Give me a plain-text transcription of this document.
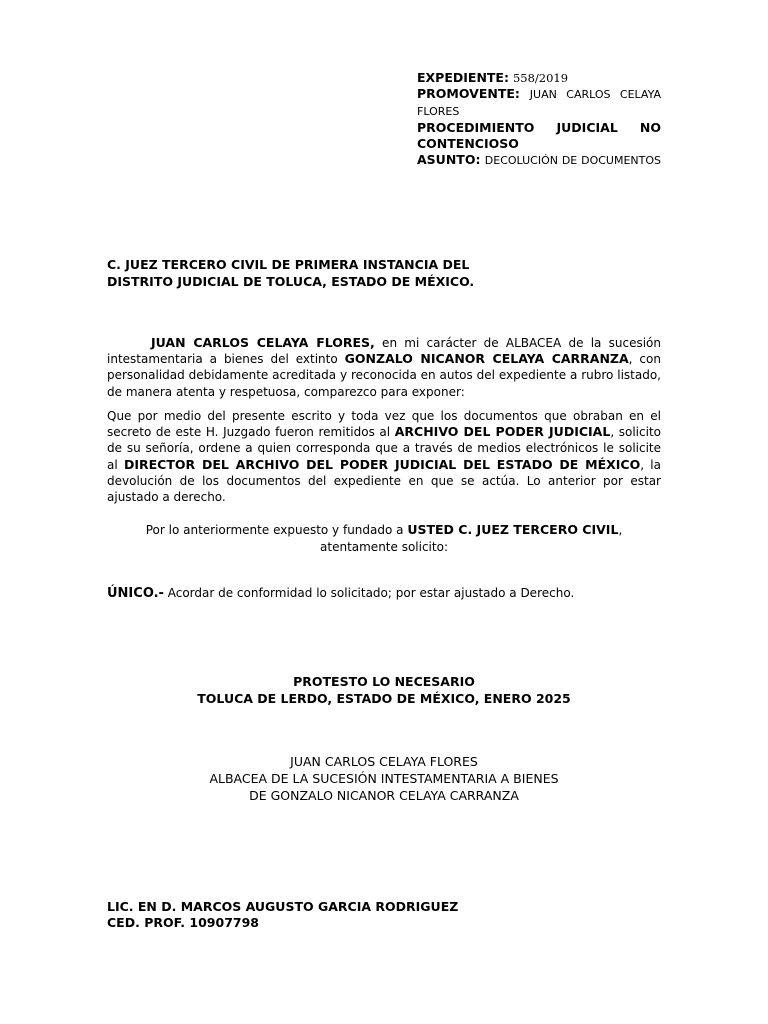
EXPEDIENTE: 558/2019
PROMOVENTE: JUAN CARLOS CELAYA FLORES
PROCEDIMIENTO JUDICIAL NO CONTENCIOSO
ASUNTO: DECOLUCIÓN DE DOCUMENTOS
C. JUEZ TERCERO CIVIL DE PRIMERA INSTANCIA DEL
DISTRITO JUDICIAL DE TOLUCA, ESTADO DE MÉXICO.

JUAN CARLOS CELAYA FLORES, en mi carácter de ALBACEA de la sucesión intestamentaria a bienes del extinto GONZALO NICANOR CELAYA CARRANZA, con personalidad debidamente acreditada y reconocida en autos del expediente a rubro listado, de manera atenta y respetuosa, comparezco para exponer:

Que por medio del presente escrito y toda vez que los documentos que obraban en el secreto de este H. Juzgado fueron remitidos al ARCHIVO DEL PODER JUDICIAL, solicito de su señoría, ordene a quien corresponda que a través de medios electrónicos le solicite al DIRECTOR DEL ARCHIVO DEL PODER JUDICIAL DEL ESTADO DE MÉXICO, la devolución de los documentos del expediente en que se actúa. Lo anterior por estar ajustado a derecho.

Por lo anteriormente expuesto y fundado a USTED C. JUEZ TERCERO CIVIL, atentamente solicito:

ÚNICO.- Acordar de conformidad lo solicitado; por estar ajustado a Derecho.
PROTESTO LO NECESARIO
TOLUCA DE LERDO, ESTADO DE MÉXICO, ENERO 2025
JUAN CARLOS CELAYA FLORES
ALBACEA DE LA SUCESIÓN INTESTAMENTARIA A BIENES
DE GONZALO NICANOR CELAYA CARRANZA
LIC. EN D. MARCOS AUGUSTO GARCIA RODRIGUEZ
CED. PROF. 10907798
